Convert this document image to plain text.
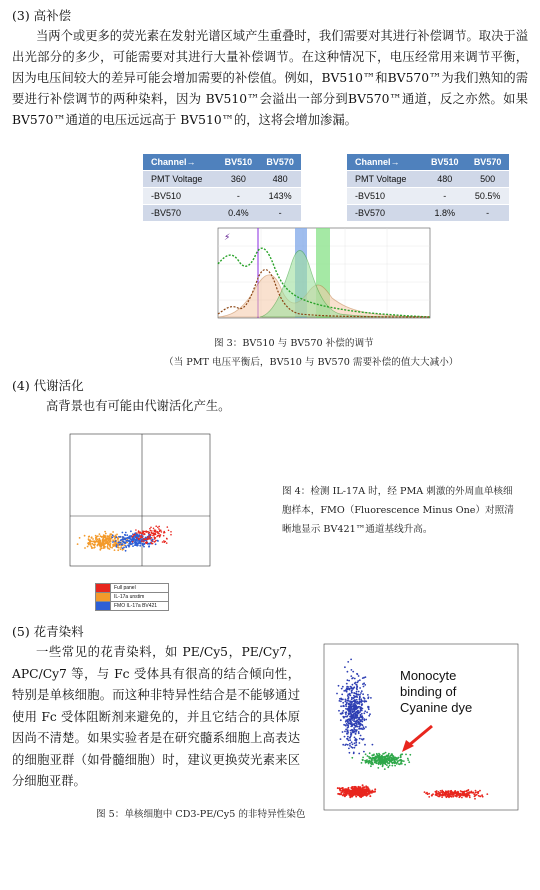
(3) 高补偿
当两个或更多的荧光素在发射光谱区域产生重叠时，我们需要对其进行补偿调节。取决于溢出光部分的多少，可能需要对其进行大量补偿调节。在这种情况下，电压经常用来调节平衡，因为电压间较大的差异可能会增加需要的补偿值。例如，BV510™和BV570™为我们熟知的需要进行补偿调节的两种染料，因为 BV510™会溢出一部分到BV570™通道，反之亦然。如果 BV570™通道的电压远远高于 BV510™的，这将会增加渗漏。
Channel→	BV510	BV570
PMT Voltage	360	480
-BV510	-	143%
-BV570	0.4%	-
Channel→	BV510	BV570
PMT Voltage	480	500
-BV510	-	50.5%
-BV570	1.8%	-
⚡
图 3：BV510 与 BV570 补偿的调节
（当 PMT 电压平衡后，BV510 与 BV570 需要补偿的值大大减小）
(4) 代谢活化
高背景也有可能由代谢活化产生。
Full panel
IL-17a unstim
FMO IL-17a BV421
图 4：检测 IL-17A 时，经 PMA 刺激的外周血单核细胞样本，FMO（Fluorescence Minus One）对照清晰地显示 BV421™通道基线升高。
(5) 花青染料
一些常见的花青染料，如 PE/Cy5，PE/Cy7，APC/Cy7 等，与 Fc 受体具有很高的结合倾向性，特别是单核细胞。而这种非特异性结合是不能够通过使用 Fc 受体阻断剂来避免的，并且它结合的具体原因尚不清楚。如果实验者是在研究髓系细胞上高表达的细胞亚群（如骨髓细胞）时，建议更换荧光素来区分细胞亚群。
Monocyte
binding of
Cyanine dye
图 5：单核细胞中 CD3-PE/Cy5 的非特异性染色
